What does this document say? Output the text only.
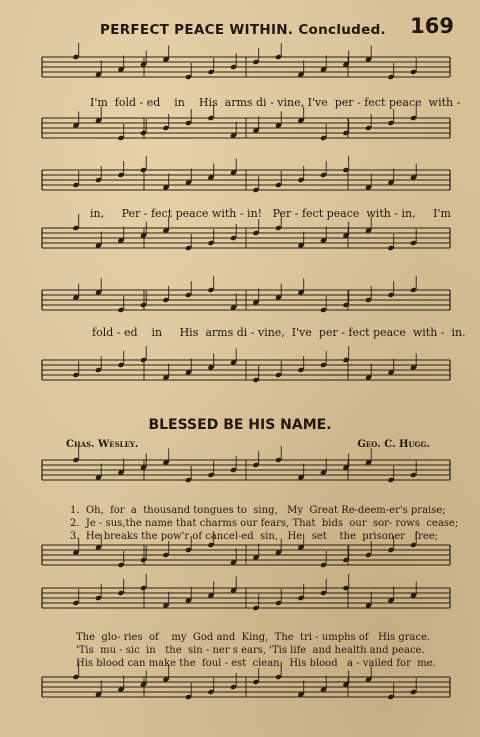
PERFECT PEACE WITHIN. Concluded. 169
I'm  fold - ed    in    His  arms di - vine, I've  per - fect peace  with -
in,     Per - fect peace with - in!   Per - fect peace  with - in,     I'm
fold - ed    in     His  arms di - vine,  I've  per - fect peace  with -  in.
BLESSED BE HIS NAME.
Chas. Wesley.	Geo. C. Hugg.
1.  Oh,  for  a  thousand tongues to  sing,   My  Great Re-deem-er's praise;
2.  Je - sus,the name that charms our fears, That  bids  our  sor- rows  cease;
3.  He breaks the pow'r of cancel-ed  sin,   He   set    the  prisoner   free;
The  glo- ries  of    my  God and  King,  The  tri - umphs of   His grace.
'Tis  mu - sic  in   the  sin - ner s ears, 'Tis life  and health and peace.
His blood can make the  foul - est  clean;  His blood   a - vailed for  me.
